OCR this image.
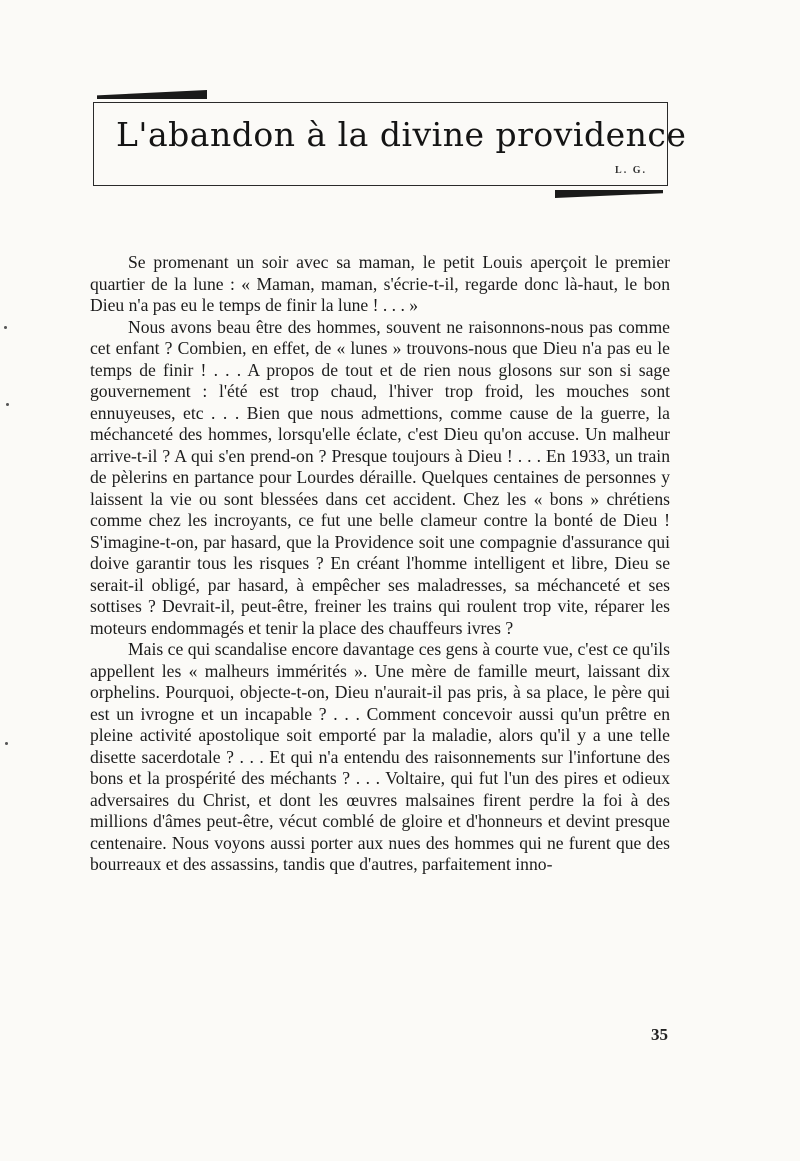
L'abandon à la divine providence
L. G.

Se promenant un soir avec sa maman, le petit Louis aperçoit le premier quartier de la lune : « Maman, maman, s'écrie-t-il, regarde donc là-haut, le bon Dieu n'a pas eu le temps de finir la lune ! . . . »

Nous avons beau être des hommes, souvent ne raisonnons-nous pas comme cet enfant ? Combien, en effet, de « lunes » trouvons-nous que Dieu n'a pas eu le temps de finir ! . . . A propos de tout et de rien nous glosons sur son si sage gouvernement : l'été est trop chaud, l'hiver trop froid, les mouches sont ennuyeuses, etc . . . Bien que nous admettions, comme cause de la guerre, la méchanceté des hommes, lorsqu'elle éclate, c'est Dieu qu'on accuse. Un malheur arrive-t-il ? A qui s'en prend-on ? Presque toujours à Dieu ! . . . En 1933, un train de pèlerins en partance pour Lourdes déraille. Quelques centaines de personnes y laissent la vie ou sont blessées dans cet accident. Chez les « bons » chrétiens comme chez les incroyants, ce fut une belle clameur contre la bonté de Dieu ! S'imagine-t-on, par hasard, que la Providence soit une compagnie d'assurance qui doive garantir tous les risques ? En créant l'homme intelligent et libre, Dieu se serait-il obligé, par hasard, à empêcher ses maladresses, sa méchanceté et ses sottises ? Devrait-il, peut-être, freiner les trains qui roulent trop vite, réparer les moteurs endommagés et tenir la place des chauffeurs ivres ?

Mais ce qui scandalise encore davantage ces gens à courte vue, c'est ce qu'ils appellent les « malheurs immérités ». Une mère de famille meurt, laissant dix orphelins. Pourquoi, objecte-t-on, Dieu n'aurait-il pas pris, à sa place, le père qui est un ivrogne et un incapable ? . . . Comment concevoir aussi qu'un prêtre en pleine activité apostolique soit emporté par la maladie, alors qu'il y a une telle disette sacerdotale ? . . . Et qui n'a entendu des raisonnements sur l'infortune des bons et la prospérité des méchants ? . . . Voltaire, qui fut l'un des pires et odieux adversaires du Christ, et dont les œuvres malsaines firent perdre la foi à des millions d'âmes peut-être, vécut comblé de gloire et d'honneurs et devint presque centenaire. Nous voyons aussi porter aux nues des hommes qui ne furent que des bourreaux et des assassins, tandis que d'autres, parfaitement inno-

35
